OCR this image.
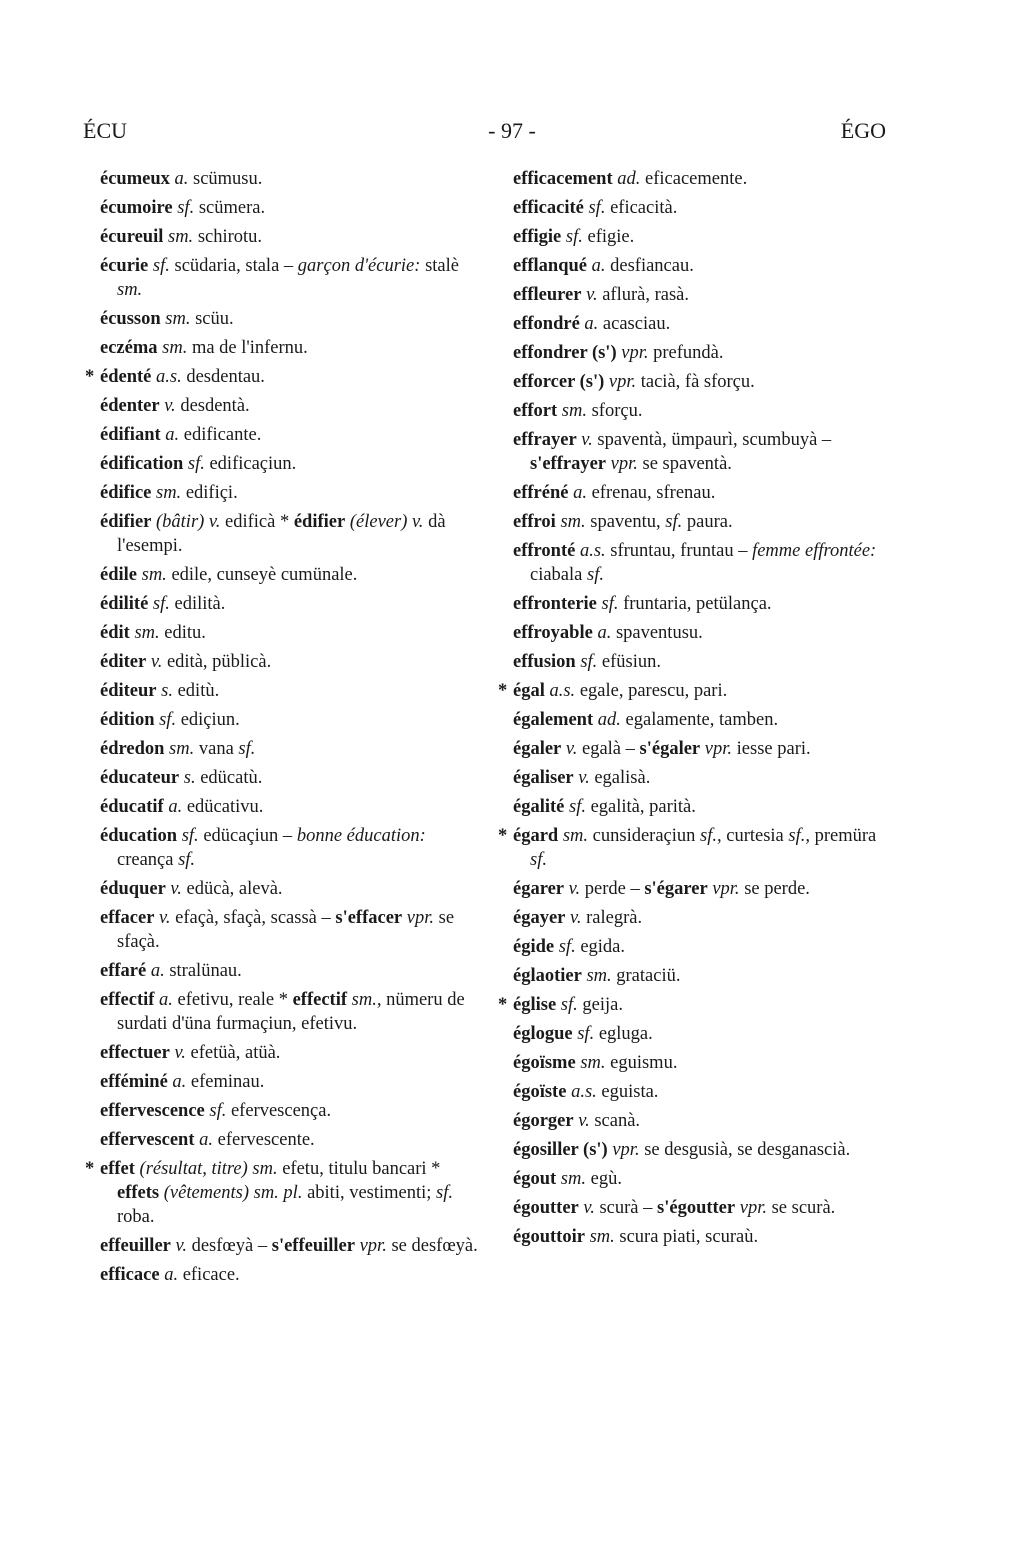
ÉCU	- 97 -	ÉGO

écumeux a. scümusu.

écumoire sf. scümera.

écureuil sm. schirotu.

écurie sf. scüdaria, stala – garçon d'écurie: stalè sm.

écusson sm. scüu.

eczéma sm. ma de l'infernu.

* édenté a.s. desdentau.

édenter v. desdentà.

édifiant a. edificante.

édification sf. edificaçiun.

édifice sm. edifiçi.

édifier (bâtir) v. edificà * édifier (élever) v. dà l'esempi.

édile sm. edile, cunseyè cumünale.

édilité sf. edilità.

édit sm. editu.

éditer v. edità, püblicà.

éditeur s. editù.

édition sf. ediçiun.

édredon sm. vana sf.

éducateur s. edücatù.

éducatif a. edücativu.

éducation sf. edücaçiun – bonne éducation: creança sf.

éduquer v. edücà, alevà.

effacer v. efaçà, sfaçà, scassà – s'effacer vpr. se sfaçà.

effaré a. stralünau.

effectif a. efetivu, reale * effectif sm., nümeru de surdati d'üna furmaçiun, efetivu.

effectuer v. efetüà, atüà.

efféminé a. efeminau.

effervescence sf. efervescença.

effervescent a. efervescente.

* effet (résultat, titre) sm. efetu, titulu bancari * effets (vêtements) sm. pl. abiti, vestimenti; sf. roba.

effeuiller v. desfœyà – s'effeuiller vpr. se desfœyà.

efficace a. eficace.

efficacement ad. eficacemente.

efficacité sf. eficacità.

effigie sf. efigie.

efflanqué a. desfiancau.

effleurer v. aflurà, rasà.

effondré a. acasciau.

effondrer (s') vpr. prefundà.

efforcer (s') vpr. tacià, fà sforçu.

effort sm. sforçu.

effrayer v. spaventà, ümpaurì, scumbuyà – s'effrayer vpr. se spaventà.

effréné a. efrenau, sfrenau.

effroi sm. spaventu, sf. paura.

effronté a.s. sfruntau, fruntau – femme effrontée: ciabala sf.

effronterie sf. fruntaria, petülança.

effroyable a. spaventusu.

effusion sf. efüsiun.

* égal a.s. egale, parescu, pari.

également ad. egalamente, tamben.

égaler v. egalà – s'égaler vpr. iesse pari.

égaliser v. egalisà.

égalité sf. egalità, parità.

* égard sm. cunsideraçiun sf., curtesia sf., premüra sf.

égarer v. perde – s'égarer vpr. se perde.

égayer v. ralegrà.

égide sf. egida.

églaotier sm. grataciü.

* église sf. geija.

églogue sf. egluga.

égoïsme sm. eguismu.

égoïste a.s. eguista.

égorger v. scanà.

égosiller (s') vpr. se desgusià, se desganascià.

égout sm. egù.

égoutter v. scurà – s'égoutter vpr. se scurà.

égouttoir sm. scura piati, scuraù.
